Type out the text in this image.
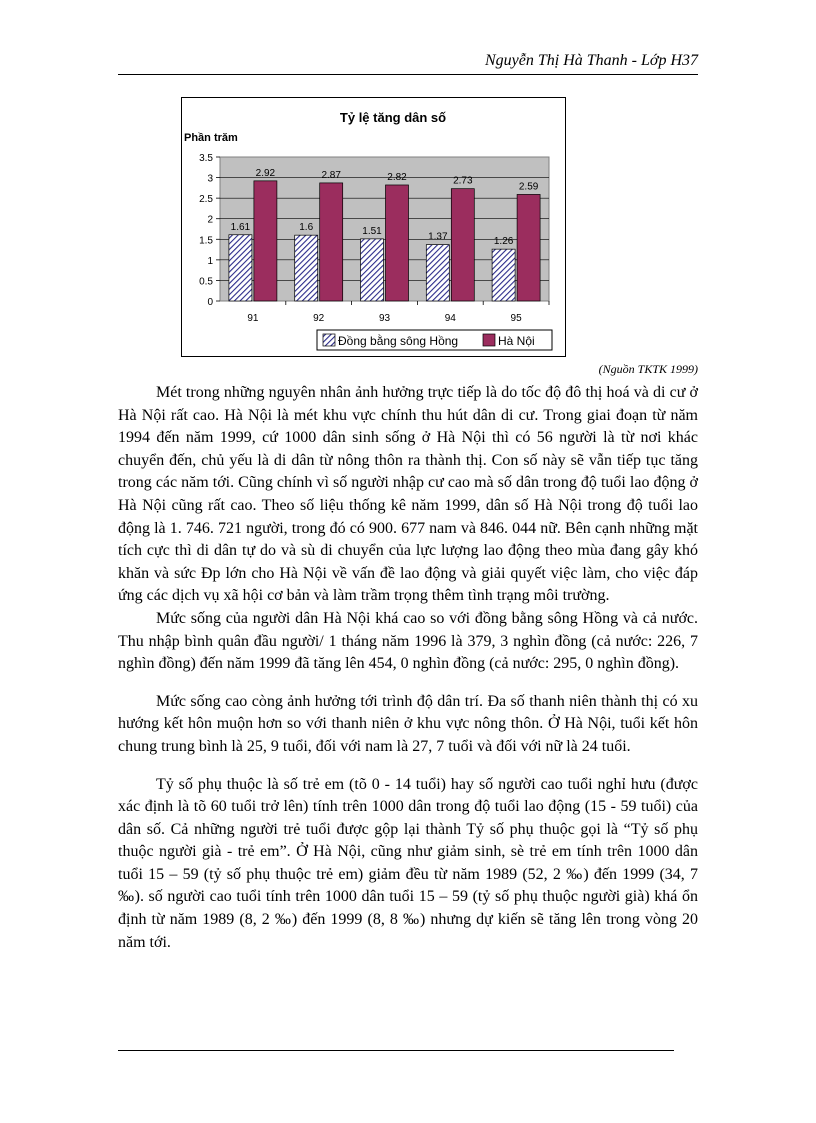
Nguyễn Thị Hà Thanh - Lớp H37
Tỷ lệ tăng dân số
Phần trăm
0
0.5
1
1.5
2
2.5
3
3.5
1.61
2.92
1.6
2.87
1.51
2.82
1.37
2.73
1.26
2.59
91	92	93	94	95
Đồng bằng sông Hồng	Hà Nội
(Nguồn TKTK 1999)

Mét trong những nguyên nhân ảnh hưởng trực tiếp là do tốc độ đô thị hoá và di cư ở Hà Nội rất cao. Hà Nội là mét khu vực chính thu hút dân di cư. Trong giai đoạn từ năm 1994 đến năm 1999, cứ 1000 dân sinh sống ở Hà Nội thì có 56 người là từ nơi khác chuyển đến, chủ yếu là di dân từ nông thôn ra thành thị. Con số này sẽ vẫn tiếp tục tăng trong các năm tới. Cũng chính vì số người nhập cư cao mà số dân trong độ tuổi lao động ở Hà Nội cũng rất cao. Theo số liệu thống kê năm 1999, dân số Hà Nội trong độ tuổi lao động là 1. 746. 721 người, trong đó có 900. 677 nam và 846. 044 nữ. Bên cạnh những mặt tích cực thì di dân tự do và sù di chuyển của lực lượng lao động theo mùa đang gây khó khăn và sức Ðp lớn cho Hà Nội về vấn đề lao động và giải quyết việc làm, cho việc đáp ứng các dịch vụ xã hội cơ bản và làm trầm trọng thêm tình trạng môi trường.

Mức sống của người dân Hà Nội khá cao so với đồng bằng sông Hồng và cả nước. Thu nhập bình quân đầu người/ 1 tháng năm 1996 là 379, 3 nghìn đồng (cả nước: 226, 7 nghìn đồng) đến năm 1999 đã tăng lên 454, 0 nghìn đồng (cả nước: 295, 0 nghìn đồng).

Mức sống cao còng ảnh hưởng tới trình độ dân trí. Đa số thanh niên thành thị có xu hướng kết hôn muộn hơn so với thanh niên ở khu vực nông thôn. Ở Hà Nội, tuổi kết hôn chung trung bình là 25, 9 tuổi, đối với nam là 27, 7 tuổi và đối với nữ là 24 tuổi.

Tỷ số phụ thuộc là số trẻ em (tõ 0 - 14 tuổi) hay số người cao tuổi nghỉ hưu (được xác định là tõ 60 tuổi trở lên) tính trên 1000 dân trong độ tuổi lao động (15 - 59 tuổi) của dân số. Cả những người trẻ tuổi được gộp lại thành Tỷ số phụ thuộc gọi là “Tỷ số phụ thuộc người già - trẻ em”. Ở Hà Nội, cũng như giảm sinh, sè trẻ em tính trên 1000 dân tuổi 15 – 59 (tỷ số phụ thuộc trẻ em) giảm đều từ năm 1989 (52, 2 ‰) đến 1999 (34, 7 ‰). số người cao tuổi tính trên 1000 dân tuổi 15 – 59 (tỷ số phụ thuộc người già) khá ổn định từ năm 1989 (8, 2 ‰) đến 1999 (8, 8 ‰) nhưng dự kiến sẽ tăng lên trong vòng 20 năm tới.
